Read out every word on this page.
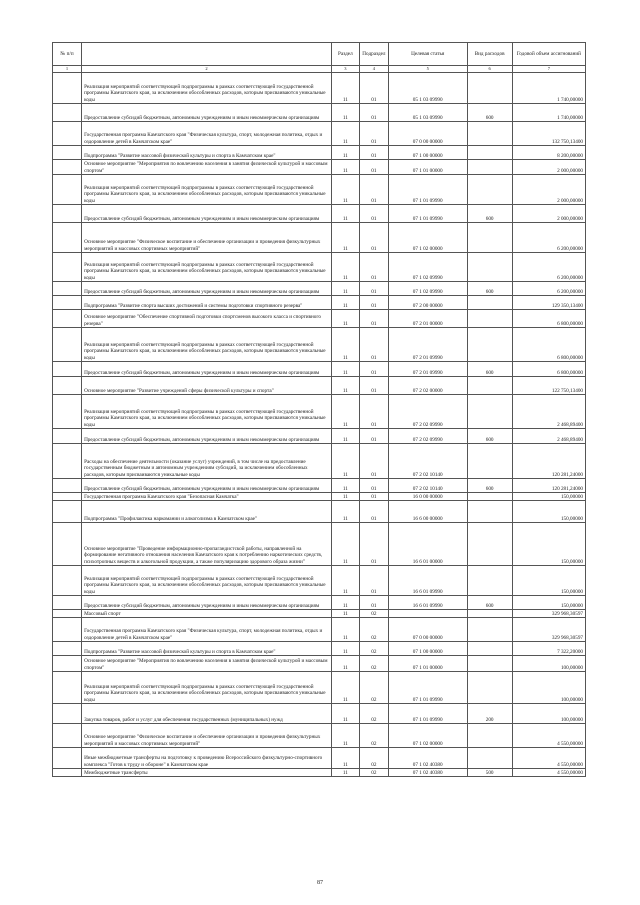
№ п/п		Раздел	Подраздел	Целевая статья	Вид расходов	Годовой объем ассигнований
1	2	3	4	5	6	7
	Реализация мероприятий соответствующей подпрограммы в рамках соответствующей государственной программы Камчатского края, за исключением обособленных расходов, которым присваиваются уникальные коды	11	01	05 1 03 09990		1 740,00000
	Предоставление субсидий бюджетным, автономным учреждениям и иным некоммерческим организациям	11	01	05 1 03 09990	600	1 740,00000
	Государственная программа Камчатского края "Физическая культура, спорт, молодежная политика, отдых и оздоровление детей в Камчатском крае"	11	01	07 0 00 00000		132 750,13400
	Подпрограмма "Развитие массовой физической культуры и спорта в Камчатском крае"	11	01	07 1 00 00000		8 200,00000
	Основное мероприятие "Мероприятия по вовлечению населения в занятия физической культурой и массовым спортом"	11	01	07 1 01 00000		2 000,00000
	Реализация мероприятий соответствующей подпрограммы в рамках соответствующей государственной программы Камчатского края, за исключением обособленных расходов, которым присваиваются уникальные коды	11	01	07 1 01 09990		2 000,00000
	Предоставление субсидий бюджетным, автономным учреждениям и иным некоммерческим организациям	11	01	07 1 01 09990	600	2 000,00000
	Основное мероприятие "Физическое воспитание и обеспечение организации и проведения физкультурных мероприятий и массовых спортивных мероприятий"	11	01	07 1 02 00000		6 200,00000
	Реализация мероприятий соответствующей подпрограммы в рамках соответствующей государственной программы Камчатского края, за исключением обособленных расходов, которым присваиваются уникальные коды	11	01	07 1 02 09990		6 200,00000
	Предоставление субсидий бюджетным, автономным учреждениям и иным некоммерческим организациям	11	01	07 1 02 09990	600	6 200,00000
	Подпрограмма "Развитие спорта высших достижений и системы подготовки спортивного резерва"	11	01	07 2 00 00000		129 350,13400
	Основное мероприятие "Обеспечение спортивной подготовки спортсменов высокого класса и спортивного резерва"	11	01	07 2 01 00000		6 800,00000
	Реализация мероприятий соответствующей подпрограммы в рамках соответствующей государственной программы Камчатского края, за исключением обособленных расходов, которым присваиваются уникальные коды	11	01	07 2 01 09990		6 800,00000
	Предоставление субсидий бюджетным, автономным учреждениям и иным некоммерческим организациям	11	01	07 2 01 09990	600	6 800,00000
	Основное мероприятие "Развитие учреждений сферы физической культуры и спорта"	11	01	07 2 02 00000		122 750,13400
	Реализация мероприятий соответствующей подпрограммы в рамках соответствующей государственной программы Камчатского края, за исключением обособленных расходов, которым присваиваются уникальные коды	11	01	07 2 02 09990		2 468,89400
	Предоставление субсидий бюджетным, автономным учреждениям и иным некоммерческим организациям	11	01	07 2 02 09990	600	2 468,89400
	Расходы на обеспечение деятельности (оказание услуг) учреждений, в том числе на предоставление государственным бюджетным и автономным учреждениям субсидий, за исключением обособленных расходов, которым присваиваются уникальные коды	11	01	07 2 02 10140		120 281,24000
	Предоставление субсидий бюджетным, автономным учреждениям и иным некоммерческим организациям	11	01	07 2 02 10140	600	120 281,24000
	Государственная программа Камчатского края "Безопасная Камчатка"	11	01	16 0 00 00000		150,00000
	Подпрограмма "Профилактика наркомании и алкоголизма в Камчатском крае"	11	01	16 6 00 00000		150,00000
	Основное мероприятие "Проведение информационно-пропагандистской работы, направленной на формирование негативного отношения населения Камчатского края к потреблению наркотических средств, психотропных веществ и алкогольной продукции, а также популяризацию здорового образа жизни"	11	01	16 6 01 00000		150,00000
	Реализация мероприятий соответствующей подпрограммы в рамках соответствующей государственной программы Камчатского края, за исключением обособленных расходов, которым присваиваются уникальные коды	11	01	16 6 01 09990		150,00000
	Предоставление субсидий бюджетным, автономным учреждениям и иным некоммерческим организациям	11	01	16 6 01 09990	600	150,00000
	Массовый спорт	11	02			329 968,30597
	Государственная программа Камчатского края "Физическая культура, спорт, молодежная политика, отдых и оздоровление детей в Камчатском крае"	11	02	07 0 00 00000		329 968,30597
	Подпрограмма "Развитие массовой физической культуры и спорта в Камчатском крае"	11	02	07 1 00 00000		7 322,20000
	Основное мероприятие "Мероприятия по вовлечению населения в занятия физической культурой и массовым спортом"	11	02	07 1 01 00000		100,00000
	Реализация мероприятий соответствующей подпрограммы в рамках соответствующей государственной программы Камчатского края, за исключением обособленных расходов, которым присваиваются уникальные коды	11	02	07 1 01 09990		100,00000
	Закупка товаров, работ и услуг для обеспечения государственных (муниципальных) нужд	11	02	07 1 01 09990	200	100,00000
	Основное мероприятие "Физическое воспитание и обеспечение организации и проведения физкультурных мероприятий и массовых спортивных мероприятий"	11	02	07 1 02 00000		4 550,00000
	Иные межбюджетные трансферты на подготовку к проведению Всероссийского физкультурно-спортивного комплекса "Готов к труду и обороне" в Камчатском крае	11	02	07 1 02 40380		4 550,00000
	Межбюджетные трансферты	11	02	07 1 02 40380	500	4 550,00000
87
